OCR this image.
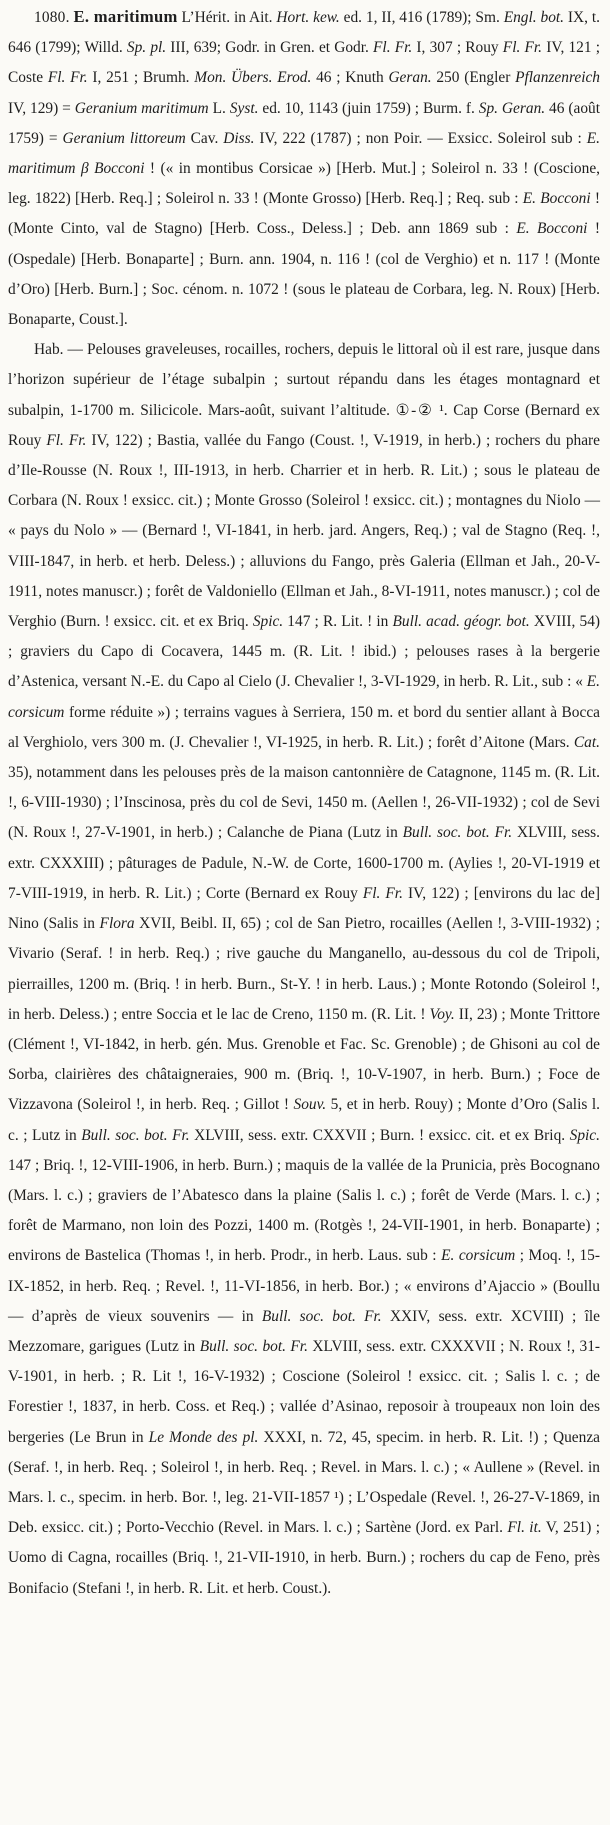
1080. E. maritimum L’Hérit. in Ait. Hort. kew. ed. 1, II, 416 (1789); Sm. Engl. bot. IX, t. 646 (1799); Willd. Sp. pl. III, 639; Godr. in Gren. et Godr. Fl. Fr. I, 307 ; Rouy Fl. Fr. IV, 121 ; Coste Fl. Fr. I, 251 ; Brumh. Mon. Übers. Erod. 46 ; Knuth Geran. 250 (Engler Pflanzenreich IV, 129) = Geranium maritimum L. Syst. ed. 10, 1143 (juin 1759) ; Burm. f. Sp. Geran. 46 (août 1759) = Geranium littoreum Cav. Diss. IV, 222 (1787) ; non Poir. — Exsicc. Soleirol sub : E. maritimum β Bocconi ! (« in montibus Corsicae ») [Herb. Mut.] ; Soleirol n. 33 ! (Coscione, leg. 1822) [Herb. Req.] ; Soleirol n. 33 ! (Monte Grosso) [Herb. Req.] ; Req. sub : E. Bocconi ! (Monte Cinto, val de Stagno) [Herb. Coss., Deless.] ; Deb. ann 1869 sub : E. Bocconi ! (Ospedale) [Herb. Bonaparte] ; Burn. ann. 1904, n. 116 ! (col de Verghio) et n. 117 ! (Monte d’Oro) [Herb. Burn.] ; Soc. cénom. n. 1072 ! (sous le plateau de Corbara, leg. N. Roux) [Herb. Bonaparte, Coust.].

Hab. — Pelouses graveleuses, rocailles, rochers, depuis le littoral où il est rare, jusque dans l’horizon supérieur de l’étage subalpin ; surtout répandu dans les étages montagnard et subalpin, 1-1700 m. Silicicole. Mars-août, suivant l’altitude. ①-② ¹. Cap Corse (Bernard ex Rouy Fl. Fr. IV, 122) ; Bastia, vallée du Fango (Coust. !, V-1919, in herb.) ; rochers du phare d’Ile-Rousse (N. Roux !, III-1913, in herb. Charrier et in herb. R. Lit.) ; sous le plateau de Corbara (N. Roux ! exsicc. cit.) ; Monte Grosso (Soleirol ! exsicc. cit.) ; montagnes du Niolo — « pays du Nolo » — (Bernard !, VI-1841, in herb. jard. Angers, Req.) ; val de Stagno (Req. !, VIII-1847, in herb. et herb. Deless.) ; alluvions du Fango, près Galeria (Ellman et Jah., 20-V-1911, notes manuscr.) ; forêt de Valdoniello (Ellman et Jah., 8-VI-1911, notes manuscr.) ; col de Verghio (Burn. ! exsicc. cit. et ex Briq. Spic. 147 ; R. Lit. ! in Bull. acad. géogr. bot. XVIII, 54) ; graviers du Capo di Cocavera, 1445 m. (R. Lit. ! ibid.) ; pelouses rases à la bergerie d’Astenica, versant N.-E. du Capo al Cielo (J. Chevalier !, 3-VI-1929, in herb. R. Lit., sub : « E. corsicum forme réduite ») ; terrains vagues à Serriera, 150 m. et bord du sentier allant à Bocca al Verghiolo, vers 300 m. (J. Chevalier !, VI-1925, in herb. R. Lit.) ; forêt d’Aitone (Mars. Cat. 35), notamment dans les pelouses près de la maison cantonnière de Catagnone, 1145 m. (R. Lit. !, 6-VIII-1930) ; l’Inscinosa, près du col de Sevi, 1450 m. (Aellen !, 26-VII-1932) ; col de Sevi (N. Roux !, 27-V-1901, in herb.) ; Calanche de Piana (Lutz in Bull. soc. bot. Fr. XLVIII, sess. extr. CXXXIII) ; pâturages de Padule, N.-W. de Corte, 1600-1700 m. (Aylies !, 20-VI-1919 et 7-VIII-1919, in herb. R. Lit.) ; Corte (Bernard ex Rouy Fl. Fr. IV, 122) ; [environs du lac de] Nino (Salis in Flora XVII, Beibl. II, 65) ; col de San Pietro, rocailles (Aellen !, 3-VIII-1932) ; Vivario (Seraf. ! in herb. Req.) ; rive gauche du Manganello, au-dessous du col de Tripoli, pierrailles, 1200 m. (Briq. ! in herb. Burn., St-Y. ! in herb. Laus.) ; Monte Rotondo (Soleirol !, in herb. Deless.) ; entre Soccia et le lac de Creno, 1150 m. (R. Lit. ! Voy. II, 23) ; Monte Trittore (Clément !, VI-1842, in herb. gén. Mus. Grenoble et Fac. Sc. Grenoble) ; de Ghisoni au col de Sorba, clairières des châtaigneraies, 900 m. (Briq. !, 10-V-1907, in herb. Burn.) ; Foce de Vizzavona (Soleirol !, in herb. Req. ; Gillot ! Souv. 5, et in herb. Rouy) ; Monte d’Oro (Salis l. c. ; Lutz in Bull. soc. bot. Fr. XLVIII, sess. extr. CXXVII ; Burn. ! exsicc. cit. et ex Briq. Spic. 147 ; Briq. !, 12-VIII-1906, in herb. Burn.) ; maquis de la vallée de la Prunicia, près Bocognano (Mars. l. c.) ; graviers de l’Abatesco dans la plaine (Salis l. c.) ; forêt de Verde (Mars. l. c.) ; forêt de Marmano, non loin des Pozzi, 1400 m. (Rotgès !, 24-VII-1901, in herb. Bonaparte) ; environs de Bastelica (Thomas !, in herb. Prodr., in herb. Laus. sub : E. corsicum ; Moq. !, 15-IX-1852, in herb. Req. ; Revel. !, 11-VI-1856, in herb. Bor.) ; « environs d’Ajaccio » (Boullu — d’après de vieux souvenirs — in Bull. soc. bot. Fr. XXIV, sess. extr. XCVIII) ; île Mezzomare, garigues (Lutz in Bull. soc. bot. Fr. XLVIII, sess. extr. CXXXVII ; N. Roux !, 31-V-1901, in herb. ; R. Lit !, 16-V-1932) ; Coscione (Soleirol ! exsicc. cit. ; Salis l. c. ; de Forestier !, 1837, in herb. Coss. et Req.) ; vallée d’Asinao, reposoir à troupeaux non loin des bergeries (Le Brun in Le Monde des pl. XXXI, n. 72, 45, specim. in herb. R. Lit. !) ; Quenza (Seraf. !, in herb. Req. ; Soleirol !, in herb. Req. ; Revel. in Mars. l. c.) ; « Aullene » (Revel. in Mars. l. c., specim. in herb. Bor. !, leg. 21-VII-1857 ¹) ; L’Ospedale (Revel. !, 26-27-V-1869, in Deb. exsicc. cit.) ; Porto-Vecchio (Revel. in Mars. l. c.) ; Sartène (Jord. ex Parl. Fl. it. V, 251) ; Uomo di Cagna, rocailles (Briq. !, 21-VII-1910, in herb. Burn.) ; rochers du cap de Feno, près Bonifacio (Stefani !, in herb. R. Lit. et herb. Coust.).
